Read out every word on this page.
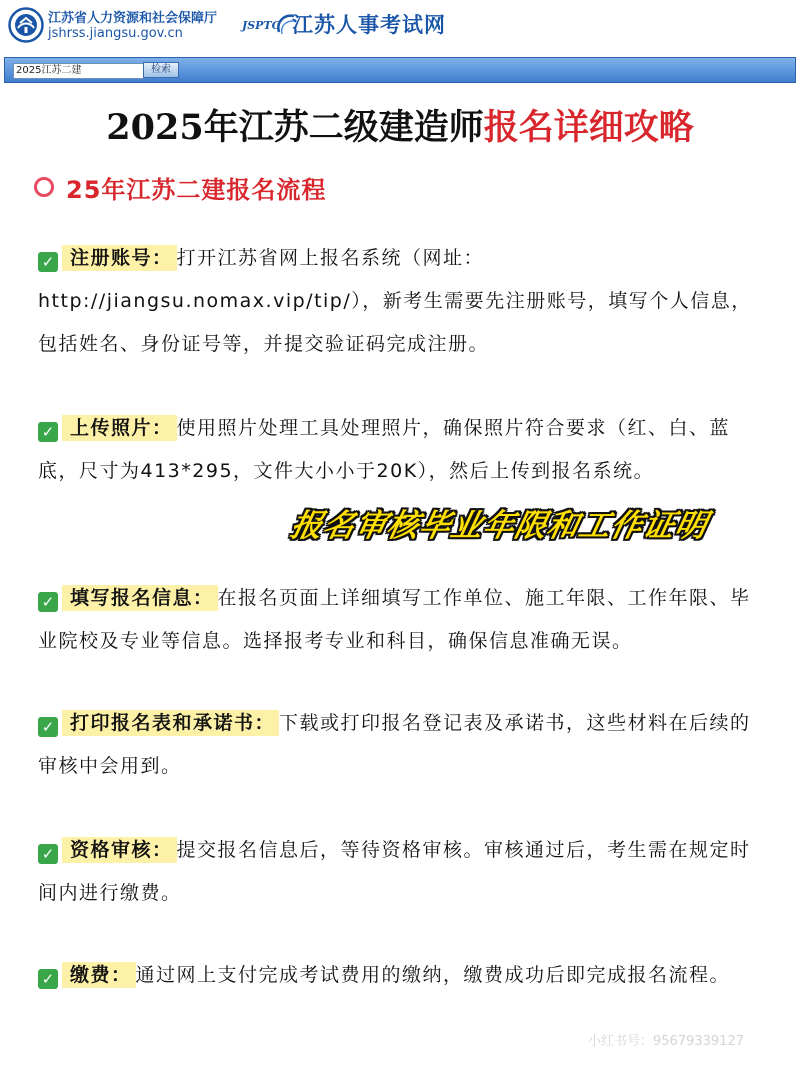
江苏省人力资源和社会保障厅
jshrss.jiangsu.gov.cn
JSPTC 江苏人事考试网
2025江苏二建
检索
2025年江苏二级建造师报名详细攻略
25年江苏二建报名流程
✓ 注册账号： 打开江苏省网上报名系统（网址：http://jiangsu.nomax.vip/tip/），新考生需要先注册账号，填写个人信息，包括姓名、身份证号等，并提交验证码完成注册。
✓ 上传照片： 使用照片处理工具处理照片，确保照片符合要求（红、白、蓝底，尺寸为413*295，文件大小小于20K），然后上传到报名系统。
✓ 填写报名信息： 在报名页面上详细填写工作单位、施工年限、工作年限、毕业院校及专业等信息。选择报考专业和科目，确保信息准确无误。
✓ 打印报名表和承诺书： 下载或打印报名登记表及承诺书，这些材料在后续的审核中会用到。
✓ 资格审核： 提交报名信息后，等待资格审核。审核通过后，考生需在规定时间内进行缴费。
✓ 缴费： 通过网上支付完成考试费用的缴纳，缴费成功后即完成报名流程。
报名审核毕业年限和工作证明
小红书号：95679339127
